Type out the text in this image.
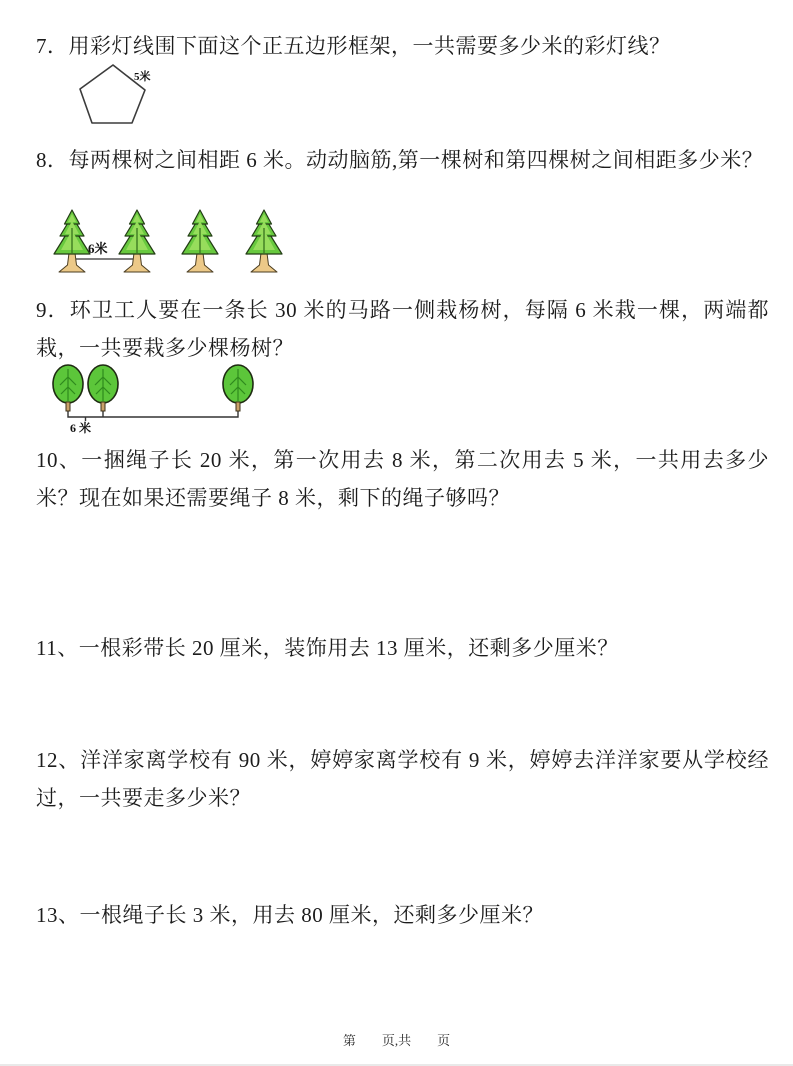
7．用彩灯线围下面这个正五边形框架，一共需要多少米的彩灯线？

5米

8．每两棵树之间相距 6 米。动动脑筋,第一棵树和第四棵树之间相距多少米？

6米

9．环卫工人要在一条长 30 米的马路一侧栽杨树，每隔 6 米栽一棵，两端都栽，一共要栽多少棵杨树？

6 米

10、一捆绳子长 20 米，第一次用去 8 米，第二次用去 5 米，一共用去多少米？现在如果还需要绳子 8 米，剩下的绳子够吗？

11、一根彩带长 20 厘米，装饰用去 13 厘米，还剩多少厘米？

12、洋洋家离学校有 90 米，婷婷家离学校有 9 米，婷婷去洋洋家要从学校经过，一共要走多少米？

13、一根绳子长 3 米，用去 80 厘米，还剩多少厘米？

第　　页,共　　页
